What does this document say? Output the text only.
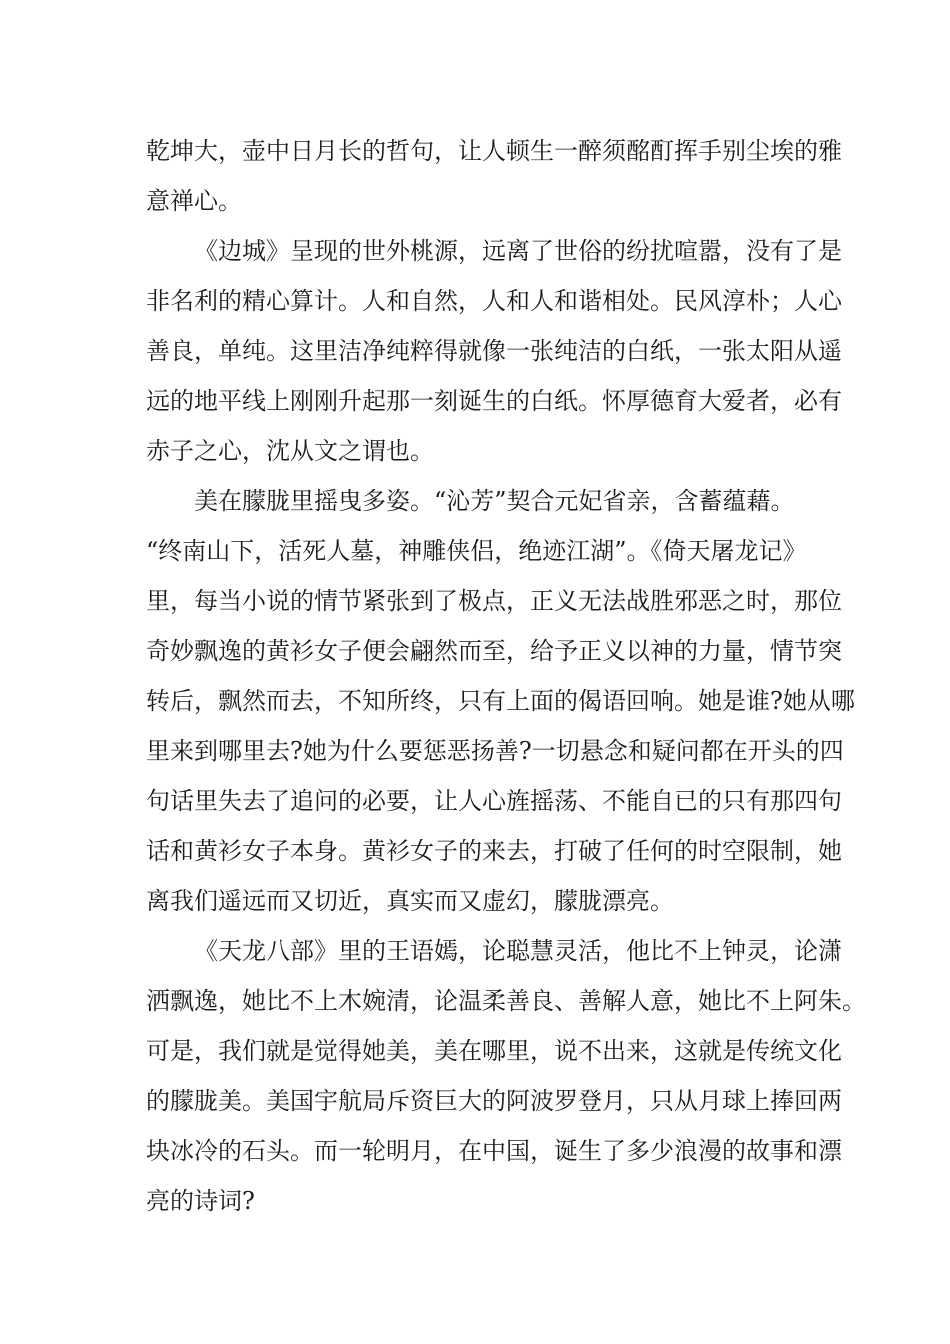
乾坤大，壶中日月长的哲句，让人顿生一醉须酩酊挥手别尘埃的雅
意禅心。
《边城》呈现的世外桃源，远离了世俗的纷扰喧嚣，没有了是
非名利的精心算计。人和自然，人和人和谐相处。民风淳朴；人心
善良，单纯。这里洁净纯粹得就像一张纯洁的白纸，一张太阳从遥
远的地平线上刚刚升起那一刻诞生的白纸。怀厚德育大爱者，必有
赤子之心，沈从文之谓也。
美在朦胧里摇曳多姿。“沁芳”契合元妃省亲，含蓄蕴藉。
“终南山下，活死人墓，神雕侠侣，绝迹江湖”。《倚天屠龙记》
里，每当小说的情节紧张到了极点，正义无法战胜邪恶之时，那位
奇妙飘逸的黄衫女子便会翩然而至，给予正义以神的力量，情节突
转后，飘然而去，不知所终，只有上面的偈语回响。她是谁?她从哪
里来到哪里去?她为什么要惩恶扬善?一切悬念和疑问都在开头的四
句话里失去了追问的必要，让人心旌摇荡、不能自已的只有那四句
话和黄衫女子本身。黄衫女子的来去，打破了任何的时空限制，她
离我们遥远而又切近，真实而又虚幻，朦胧漂亮。
《天龙八部》里的王语嫣，论聪慧灵活，他比不上钟灵，论潇
洒飘逸，她比不上木婉清，论温柔善良、善解人意，她比不上阿朱。
可是，我们就是觉得她美，美在哪里，说不出来，这就是传统文化
的朦胧美。美国宇航局斥资巨大的阿波罗登月，只从月球上捧回两
块冰冷的石头。而一轮明月，在中国，诞生了多少浪漫的故事和漂
亮的诗词?
